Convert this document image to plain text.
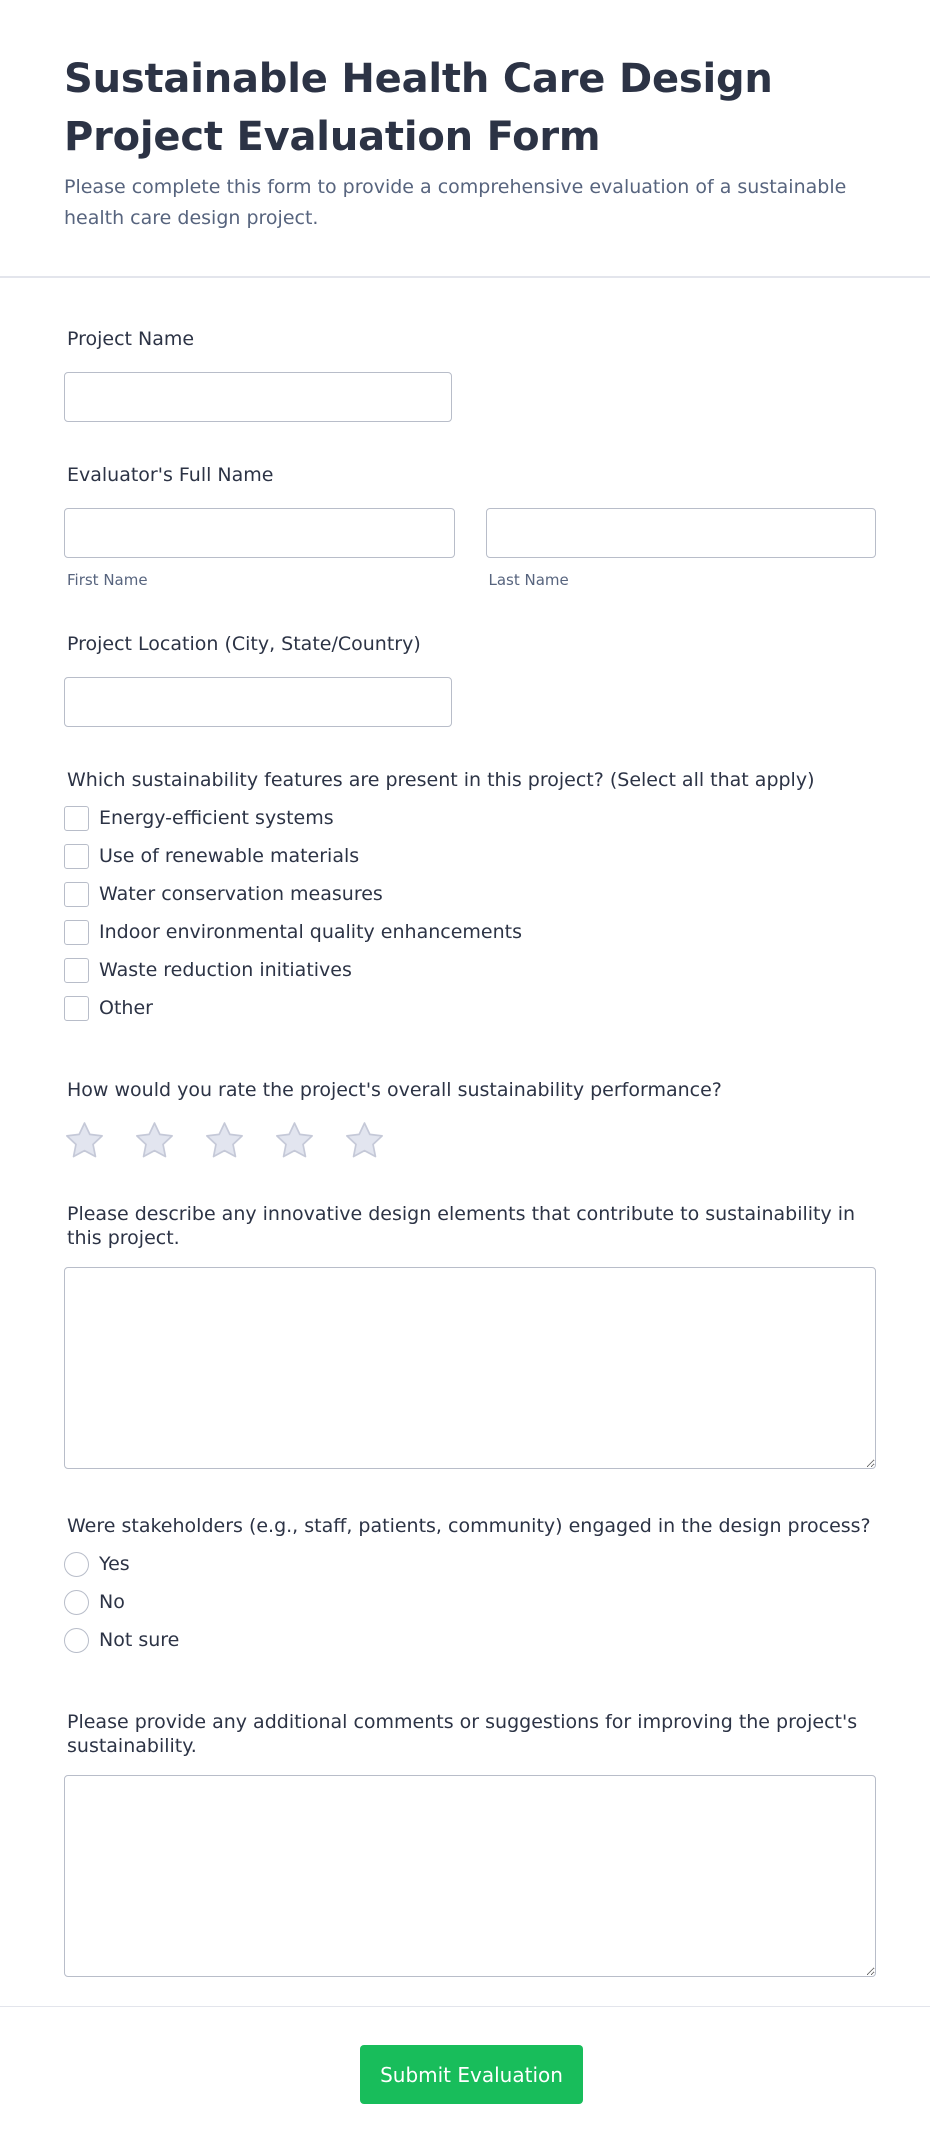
Sustainable Health Care Design Project Evaluation Form

Please complete this form to provide a comprehensive evaluation of a sustainable health care design project.

Project Name
Evaluator's Full Name
First Name	Last Name
Project Location (City, State/Country)
Which sustainability features are present in this project? (Select all that apply)
Energy-efficient systems
Use of renewable materials
Water conservation measures
Indoor environmental quality enhancements
Waste reduction initiatives
Other
How would you rate the project's overall sustainability performance?
Please describe any innovative design elements that contribute to sustainability in this project.
Were stakeholders (e.g., staff, patients, community) engaged in the design process?
Yes
No
Not sure
Please provide any additional comments or suggestions for improving the project's sustainability.
Submit Evaluation
